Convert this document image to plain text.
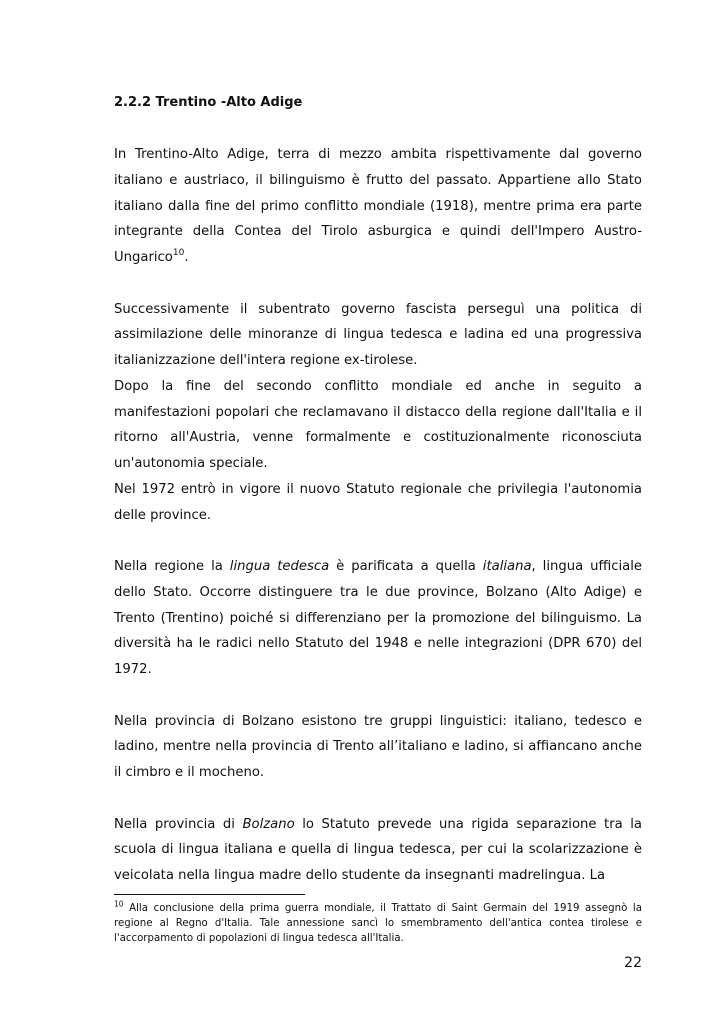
2.2.2 Trentino -Alto Adige

In Trentino-Alto Adige, terra di mezzo ambita rispettivamente dal governo italiano e austriaco, il bilinguismo è frutto del passato. Appartiene allo Stato italiano dalla fine del primo conflitto mondiale (1918), mentre prima era parte integrante della Contea del Tirolo asburgica e quindi dell'Impero Austro-Ungarico$^{10}$.

Successivamente il subentrato governo fascista perseguì una politica di assimilazione delle minoranze di lingua tedesca e ladina ed una progressiva italianizzazione dell'intera regione ex-tirolese.

Dopo la fine del secondo conflitto mondiale ed anche in seguito a manifestazioni popolari che reclamavano il distacco della regione dall'Italia e il ritorno all'Austria, venne formalmente e costituzionalmente riconosciuta un'autonomia speciale.

Nel 1972 entrò in vigore il nuovo Statuto regionale che privilegia l'autonomia delle province.

Nella regione la lingua tedesca è parificata a quella italiana, lingua ufficiale dello Stato. Occorre distinguere tra le due province, Bolzano (Alto Adige) e Trento (Trentino) poiché si differenziano per la promozione del bilinguismo. La diversità ha le radici nello Statuto del 1948 e nelle integrazioni (DPR 670) del 1972.

Nella provincia di Bolzano esistono tre gruppi linguistici: italiano, tedesco e ladino, mentre nella provincia di Trento all’italiano e ladino, si affiancano anche il cimbro e il mocheno.

Nella provincia di Bolzano lo Statuto prevede una rigida separazione tra la scuola di lingua italiana e quella di lingua tedesca, per cui la scolarizzazione è veicolata nella lingua madre dello studente da insegnanti madrelingua. La

$^{10}$ Alla conclusione della prima guerra mondiale, il Trattato di Saint Germain del 1919 assegnò la regione al Regno d'Italia. Tale annessione sancì lo smembramento dell'antica contea tirolese e l'accorpamento di popolazioni di lingua tedesca all'Italia.

22
